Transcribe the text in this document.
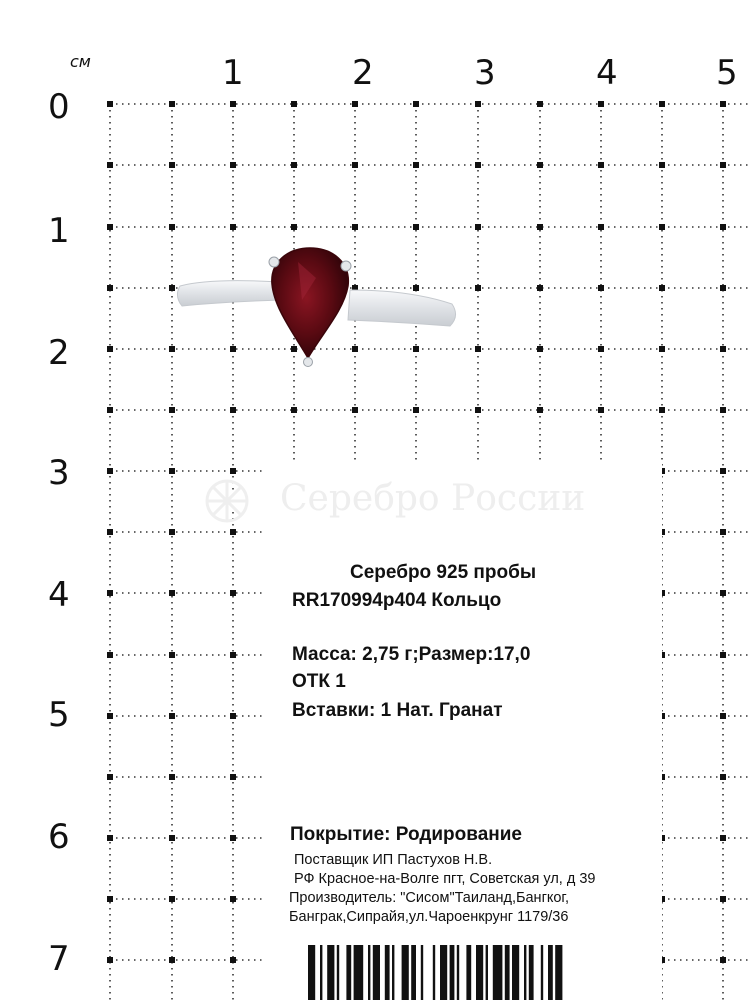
см	1	2	3	4	5
0
1
2
3
4
5
6
7
Серебро России
Серебро 925 пробы
RR170994р404 Кольцо
Масса: 2,75 г;Размер:17,0
ОТК 1
Вставки: 1 Нат. Гранат
Покрытие: Родирование
Поставщик ИП Пастухов Н.В.
РФ Красное-на-Волге пгт, Советская ул, д 39
Производитель: "Сисом"Таиланд,Бангког,
Банграк,Сипрайя,ул.Чароенкрунг 1179/36
